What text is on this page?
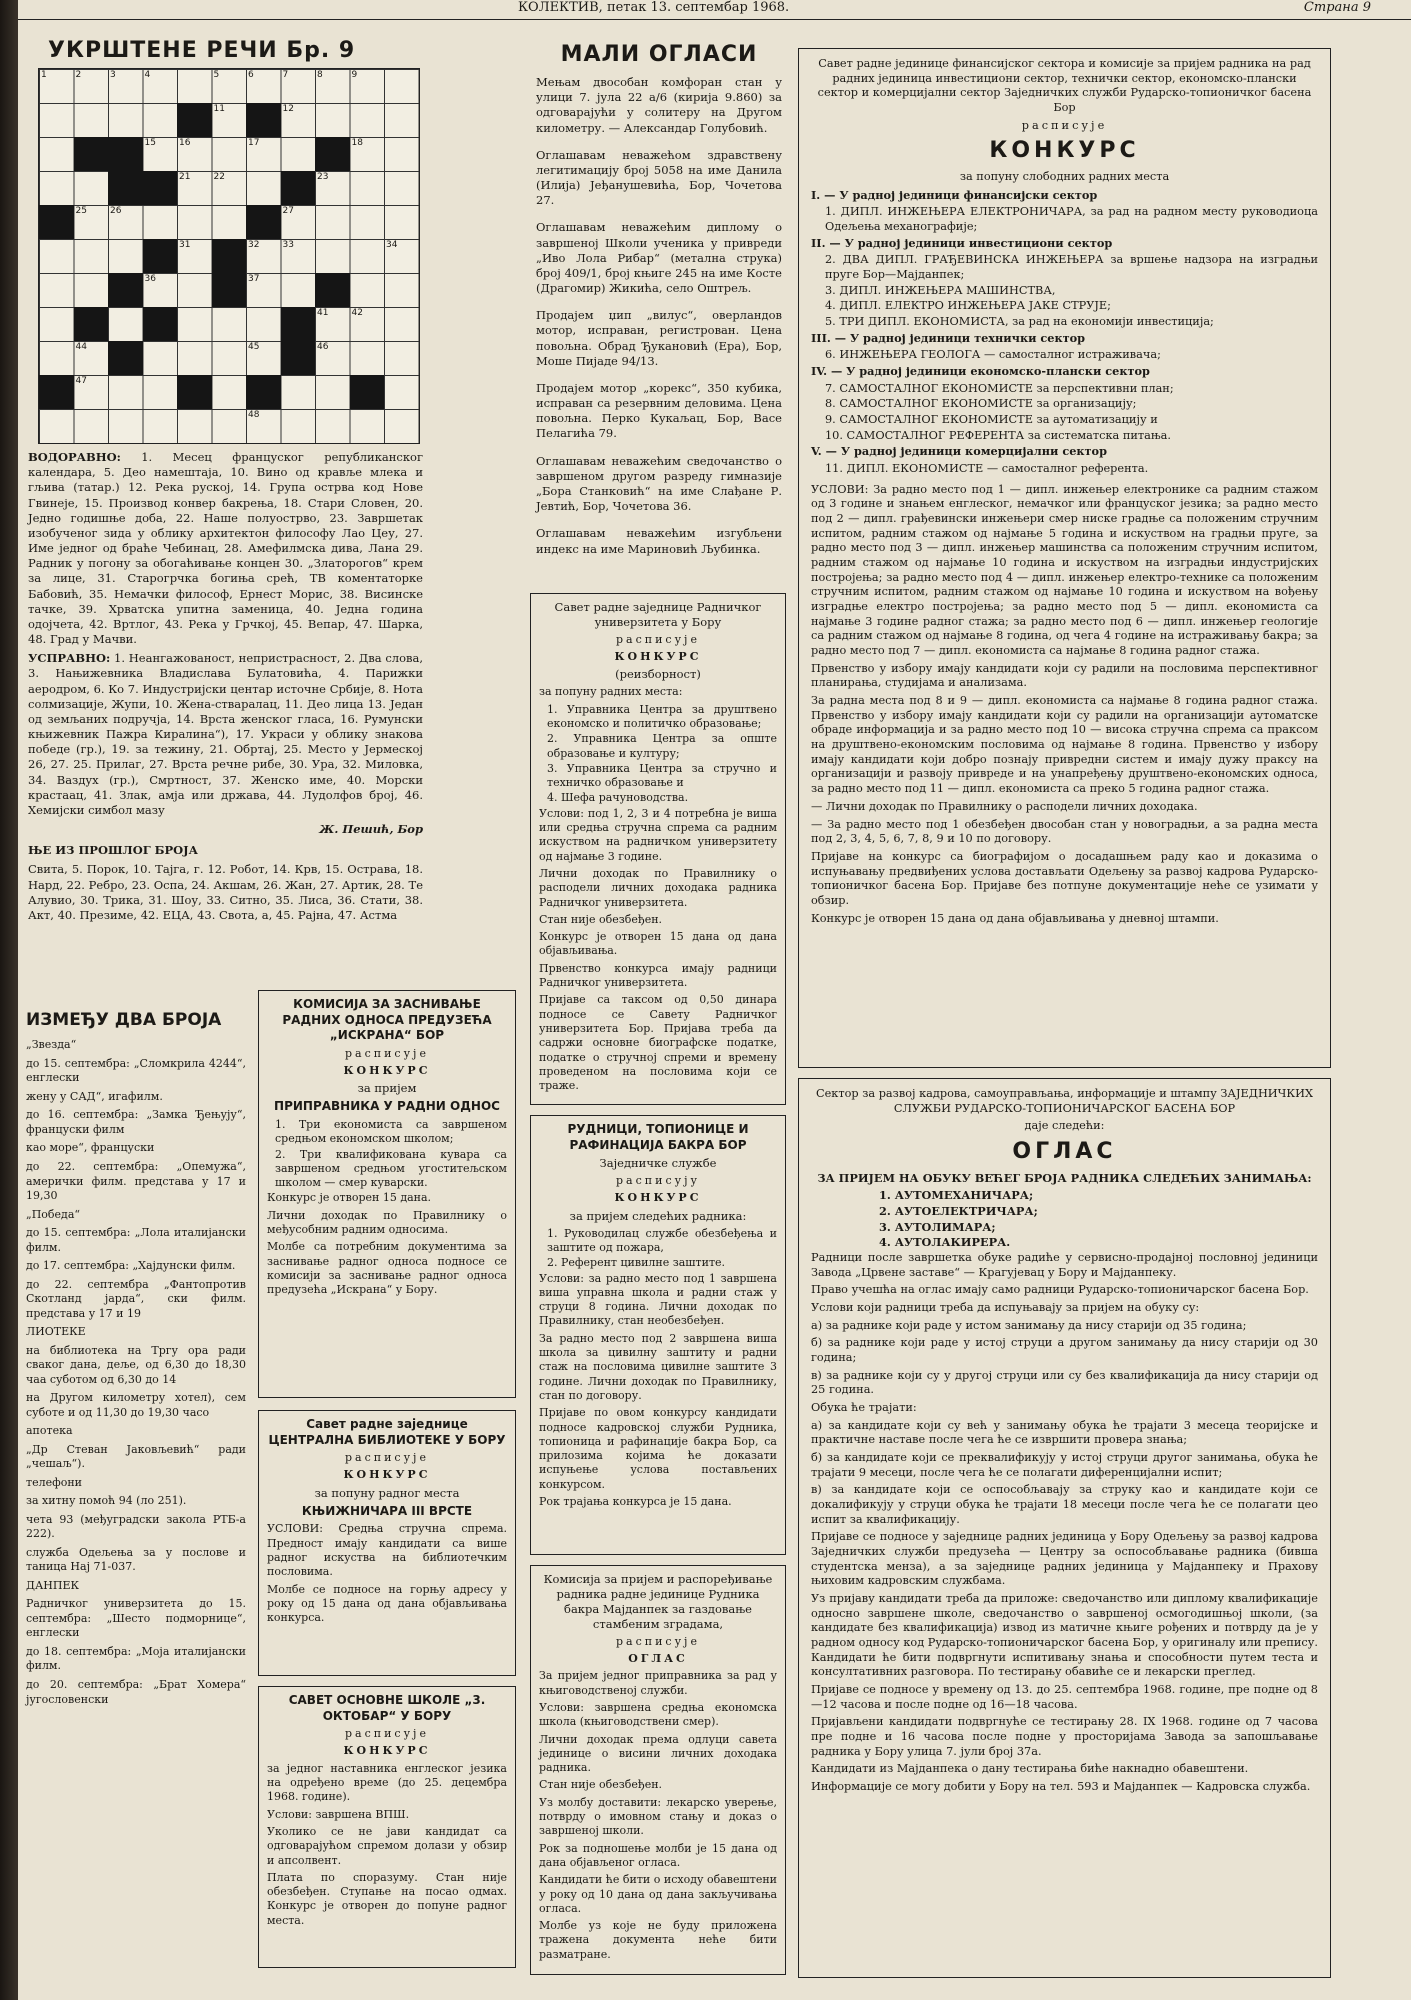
КОЛЕКТИВ, петак 13. септембар 1968.	Страна 9
УКРШТЕНЕ РЕЧИ Бр. 9
1	2	3	4	5	6	7	8	9
11	12
15	16	17	18
21	22	23
25	26	27
31	32	33	34
36	37
41	42
44	45	46
47
48

ВОДОРАВНО: 1. Месец француског републиканског календара, 5. Део намештаја, 10. Вино од кравље млека и гљива (татар.) 12. Река руској, 14. Група острва код Нове Гвинеје, 15. Производ конвер бакрења, 18. Стари Словен, 20. Једно годишње доба, 22. Наше полуострво, 23. Завршетак изобученог зида у облику архитектон философу Лао Цеу, 27. Име једног од браће Чебинац, 28. Амефилмска дива, Лана 29. Радник у погону за обогаћивање концен 30. „Златорогов“ крем за лице, 31. Старогрчка богиња срећ, ТВ коментаторке Бабовић, 35. Немачки философ, Ернест Морис, 38. Висинске тачке, 39. Хрватска упитна заменица, 40. Једна година одојчета, 42. Вртлог, 43. Река у Грчкој, 45. Вепар, 47. Шарка, 48. Град у Мачви.

УСПРАВНО: 1. Неангажованост, непристрасност, 2. Два слова, 3. Нањижевника Владислава Булатовића, 4. Парижки аеродром, 6. Ко 7. Индустријски центар источне Србије, 8. Нота солмизације, Жупи, 10. Жена-стваралац, 11. Део лица 13. Један од земљаних подручја, 14. Врста женског гласа, 16. Румунски књижевник Пажра Киралина“), 17. Украси у облику знакова победе (гр.), 19. за тежину, 21. Обртај, 25. Место у Јермеској 26, 27. 25. Прилаг, 27. Врста речне рибе, 30. Ура, 32. Миловка, 34. Ваздух (гр.), Смртност, 37. Женско име, 40. Морски крастаац, 41. Злак, амја или држава, 44. Лудолфов број, 46. Хемијски симбол мазу

Ж. Пешић, Бор

ЊЕ ИЗ ПРОШЛОГ БРОЈА

Свита, 5. Порок, 10. Тајга, г. 12. Робот, 14. Крв, 15. Острава, 18. Нард, 22. Ребро, 23. Оспа, 24. Акшам, 26. Жан, 27. Артик, 28. Те Алувио, 30. Трика, 31. Шоу, 33. Ситно, 35. Лиса, 36. Стати, 38. Акт, 40. Презиме, 42. ЕЦА, 43. Свота, а, 45. Рајна, 47. Астма

ИЗМЕЂУ ДВА БРОЈА

„Звезда“

до 15. септембра: „Сломкрила 4244“, енглески

жену у САД“, игафилм.

до 16. септембра: „Замка Ђењују“, француски филм

као море“, француски

до 22. септембра: „Опемужа“, амерички филм. представа у 17 и 19,30

„Победа“

до 15. септембра: „Лола италијански филм.

до 17. септембра: „Хајдунски филм.

до 22. септембра „Фантопротив Скотланд јарда“, ски филм. представа у 17 и 19

ЛИОТЕКЕ

на библиотека на Тргу ора ради сваког дана, деље, од 6,30 до 18,30 чаа суботом од 6,30 до 14

на Другом километру хотел), сем суботе и од 11,30 до 19,30 часо

апотека

„Др Стеван Јаковљевић“ ради „чешаљ“).

телефони

за хитну помоћ 94 (ло 251).

чета 93 (међуградски закола РТБ-а 222).

служба Одељења за у послове и таница Нај 71-037.

ДАНПЕК

Радничког универзитета до 15. септембра: „Шесто подморнице“, енглески

до 18. септембра: „Моја италијански филм.

до 20. септембра: „Брат Хомера“ југословенски

МАЛИ ОГЛАСИ

Мењам двособан комфоран стан у улици 7. јула 22 а/6 (кирија 9.860) за одговарајући у солитеру на Другом километру. — Александар Голубовић.

Оглашавам неважећом здравствену легитимацију број 5058 на име Данила (Илија) Јеђанушевића, Бор, Чочетова 27.

Оглашавам неважећим диплому о завршеној Школи ученика у привреди „Иво Лола Рибар“ (метална струка) број 409/1, број књиге 245 на име Косте (Драгомир) Жикића, село Оштрељ.

Продајем џип „вилус“, оверландов мотор, исправан, регистрован. Цена повољна. Обрад Ђукановић (Ера), Бор, Моше Пијаде 94/13.

Продајем мотор „корекс“, 350 кубика, исправан са резервним деловима. Цена повољна. Перко Кукаљац, Бор, Васе Пелагића 79.

Оглашавам неважећим сведочанство о завршеном другом разреду гимназије „Бора Станковић“ на име Слађане Р. Јевтић, Бор, Чочетова 36.

Оглашавам неважећим изгубљени индекс на име Мариновић Љубинка.

Савет радне заједнице Радничког универзитета у Бору

расписује

КОНКУРС

(реизборност)

за попуну радних места:

1. Управника Центра за друштвено економско и политичко образовање;

2. Управника Центра за опште образовање и културу;

3. Управника Центра за стручно и техничко образовање и

4. Шефа рачуноводства.

Услови: под 1, 2, 3 и 4 потребна је виша или средња стручна спрема са радним искуством на радничком универзитету од најмање 3 године.

Лични доходак по Правилнику о расподели личних доходака радника Радничког универзитета.

Стан није обезбеђен.

Конкурс је отворен 15 дана од дана објављивања.

Првенство конкурса имају радници Радничког универзитета.

Пријаве са таксом од 0,50 динара подносе се Савету Радничког универзитета Бор. Пријава треба да садржи основне биографске податке, податке о стручној спреми и времену проведеном на пословима који се траже.

КОМИСИЈА ЗА ЗАСНИВАЊЕ РАДНИХ ОДНОСА ПРЕДУЗЕЋА „ИСКРАНА“ БОР

расписује

КОНКУРС

за пријем

ПРИПРАВНИКА У РАДНИ ОДНОС

1. Три економиста са завршеном средњом економском школом;

2. Три квалификована кувара са завршеном средњом угоститељском школом — смер куварски.

Конкурс је отворен 15 дана.

Лични доходак по Правилнику о међусобним радним односима.

Молбе са потребним документима за заснивање радног односа подносе се комисији за заснивање радног односа предузећа „Искрана“ у Бору.

Савет радне заједнице ЦЕНТРАЛНА БИБЛИОТЕКЕ У БОРУ

расписује

КОНКУРС

за попуну радног места

КЊИЖНИЧАРА III ВРСТЕ

УСЛОВИ: Средња стручна спрема. Предност имају кандидати са више радног искуства на библиотечким пословима.

Молбе се подносе на горњу адресу у року од 15 дана од дана објављивања конкурса.

САВЕТ ОСНОВНЕ ШКОЛЕ „3. ОКТОБАР“ У БОРУ

расписује

КОНКУРС

за једног наставника енглеског језика на одређено време (до 25. децембра 1968. године).

Услови: завршена ВПШ.

Уколико се не јави кандидат са одговарајућом спремом долази у обзир и апсолвент.

Плата по споразуму. Стан није обезбеђен. Ступање на посао одмах. Конкурс је отворен до попуне радног места.

РУДНИЦИ, ТОПИОНИЦЕ И РАФИНАЦИЈА БАКРА БОР

Заједничке службе

расписују

КОНКУРС

за пријем следећих радника:

1. Руководилац службе обезбеђења и заштите од пожара,

2. Референт цивилне заштите.

Услови: за радно место под 1 завршена виша управна школа и радни стаж у струци 8 година. Лични доходак по Правилнику, стан необезбеђен.

За радно место под 2 завршена виша школа за цивилну заштиту и радни стаж на пословима цивилне заштите 3 године. Лични доходак по Правилнику, стан по договору.

Пријаве по овом конкурсу кандидати подносе кадровској служби Рудника, топионица и рафинације бакра Бор, са прилозима којима ће доказати испуњење услова постављених конкурсом.

Рок трајања конкурса је 15 дана.

Комисија за пријем и распоређивање радника радне јединице Рудника бакра Мајданпек за газдовање стамбеним зградама,

расписује

ОГЛАС

За пријем једног приправника за рад у књиговодственој служби.

Услови: завршена средња економска школа (књиговодствени смер).

Лични доходак према одлуци савета јединице о висини личних доходака радника.

Стан није обезбеђен.

Уз молбу доставити: лекарско уверење, потврду о имовном стању и доказ о завршеној школи.

Рок за подношење молби је 15 дана од дана објављеног огласа.

Кандидати ће бити о исходу обавештени у року од 10 дана од дана закључивања огласа.

Молбе уз које не буду приложена тражена документа неће бити разматране.

Савет радне јединице финансијског сектора и комисије за пријем радника на рад радних јединица инвестициони сектор, технички сектор, економско-плански сектор и комерцијални сектор Заједничких служби Рударско-топионичког басена Бор

расписује

КОНКУРС

за попуну слободних радних места

I. — У радној јединици финансијски сектор

1. ДИПЛ. ИНЖЕЊЕРА ЕЛЕКТРОНИЧАРА, за рад на радном месту руководиоца Одељења механографије;

II. — У радној јединици инвестициони сектор

2. ДВА ДИПЛ. ГРАЂЕВИНСКА ИНЖЕЊЕРА за вршење надзора на изградњи пруге Бор—Мајданпек;

3. ДИПЛ. ИНЖЕЊЕРА МАШИНСТВА,

4. ДИПЛ. ЕЛЕКТРО ИНЖЕЊЕРА ЈАКЕ СТРУЈЕ;

5. ТРИ ДИПЛ. ЕКОНОМИСТА, за рад на економији инвестиција;

III. — У радној јединици технички сектор

6. ИНЖЕЊЕРА ГЕОЛОГА — самосталног истраживача;

IV. — У радној јединици економско-плански сектор

7. САМОСТАЛНОГ ЕКОНОМИСТЕ за перспективни план;

8. САМОСТАЛНОГ ЕКОНОМИСТЕ за организацију;

9. САМОСТАЛНОГ ЕКОНОМИСТЕ за аутоматизацију и

10. САМОСТАЛНОГ РЕФЕРЕНТА за систематска питања.

V. — У радној јединици комерцијални сектор

11. ДИПЛ. ЕКОНОМИСТЕ — самосталног референта.

УСЛОВИ: За радно место под 1 — дипл. инжењер електронике са радним стажом од 3 године и знањем енглеског, немачког или француског језика; за радно место под 2 — дипл. грађевински инжењери смер ниске градње са положеним стручним испитом, радним стажом од најмање 5 година и искуством на градњи пруге, за радно место под 3 — дипл. инжењер машинства са положеним стручним испитом, радним стажом од најмање 10 година и искуством на изградњи индустријских постројења; за радно место под 4 — дипл. инжењер електро-технике са положеним стручним испитом, радним стажом од најмање 10 година и искуством на вођењу изградње електро постројења; за радно место под 5 — дипл. економиста са најмање 3 године радног стажа; за радно место под 6 — дипл. инжењер геологије са радним стажом од најмање 8 година, од чега 4 године на истраживању бакра; за радно место под 7 — дипл. економиста са најмање 8 година радног стажа.

Првенство у избору имају кандидати који су радили на пословима перспективног планирања, студијама и анализама.

За радна места под 8 и 9 — дипл. економиста са најмање 8 година радног стажа. Првенство у избору имају кандидати који су радили на организацији аутоматске обраде информација и за радно место под 10 — висока стручна спрема са праксом на друштвено-економским пословима од најмање 8 година. Првенство у избору имају кандидати који добро познају привредни систем и имају дужу праксу на организацији и развоју привреде и на унапређењу друштвено-економских односа, за радно место под 11 — дипл. економиста са преко 5 година радног стажа.

— Лични доходак по Правилнику о расподели личних доходака.

— За радно место под 1 обезбеђен двособан стан у новоградњи, а за радна места под 2, 3, 4, 5, 6, 7, 8, 9 и 10 по договору.

Пријаве на конкурс са биографијом о досадашњем раду као и доказима о испуњавању предвиђених услова достављати Одељењу за развој кадрова Рударско-топионичког басена Бор. Пријаве без потпуне документације неће се узимати у обзир.

Конкурс је отворен 15 дана од дана објављивања у дневној штампи.

Сектор за развој кадрова, самоуправљања, информације и штампу ЗАЈЕДНИЧКИХ СЛУЖБИ РУДАРСКО-ТОПИОНИЧАРСКОГ БАСЕНА БОР

даје следећи:

ОГЛАС

ЗА ПРИЈЕМ НА ОБУКУ ВЕЋЕГ БРОЈА РАДНИКА СЛЕДЕЋИХ ЗАНИМАЊА:

1. АУТОМЕХАНИЧАРА;

2. АУТОЕЛЕКТРИЧАРА;

3. АУТОЛИМАРА;

4. АУТОЛАКИРЕРА.

Радници после завршетка обуке радиће у сервисно-продајној пословној јединици Завода „Црвене заставе“ — Крагујевац у Бору и Мајданпеку.

Право учешћа на оглас имају само радници Рударско-топионичарског басена Бор.

Услови који радници треба да испуњавају за пријем на обуку су:

а) за раднике који раде у истом занимању да нису старији од 35 година;

б) за раднике који раде у истој струци а другом занимању да нису старији од 30 година;

в) за раднике који су у другој струци или су без квалификација да нису старији од 25 година.

Обука ће трајати:

а) за кандидате који су већ у занимању обука ће трајати 3 месеца теоријске и практичне наставе после чега ће се извршити провера знања;

б) за кандидате који се преквалификују у истој струци другог занимања, обука ће трајати 9 месеци, после чега ће се полагати диференцијални испит;

в) за кандидате који се оспособљавају за струку као и кандидате који се докалификују у струци обука ће трајати 18 месеци после чега ће се полагати цео испит за квалификацију.

Пријаве се подносе у заједнице радних јединица у Бору Одељењу за развој кадрова Заједничких служби предузећа — Центру за оспособљавање радника (бивша студентска менза), а за заједнице радних јединица у Мајданпеку и Прахову њиховим кадровским службама.

Уз пријаву кандидати треба да приложе: сведочанство или диплому квалификације односно завршене школе, сведочанство о завршеној осмогодишњој школи, (за кандидате без квалификација) извод из матичне књиге рођених и потврду да је у радном односу код Рударско-топионичарског басена Бор, у оригиналу или препису. Кандидати ће бити подвргнути испитивању знања и способности путем теста и консултативних разговора. По тестирању обавиће се и лекарски преглед.

Пријаве се подносе у времену од 13. до 25. септембра 1968. године, пре подне од 8—12 часова и после подне од 16—18 часова.

Пријављени кандидати подвргнуће се тестирању 28. IX 1968. године од 7 часова пре подне и 16 часова после подне у просторијама Завода за запошљавање радника у Бору улица 7. јули број 37а.

Кандидати из Мајданпека о дану тестирања биће накнадно обавештени.

Информације се могу добити у Бору на тел. 593 и Мајданпек — Кадровска служба.
